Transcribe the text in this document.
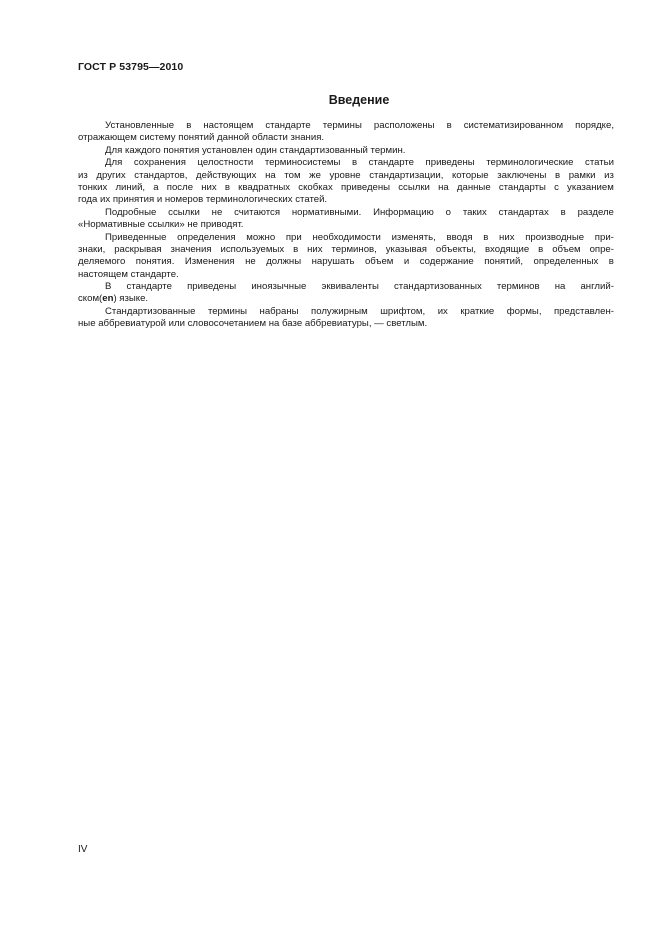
ГОСТ Р 53795—2010
Введение
Установленные в настоящем стандарте термины расположены в систематизированном порядке,
отражающем систему понятий данной области знания.
Для каждого понятия установлен один стандартизованный термин.
Для сохранения целостности терминосистемы в стандарте приведены терминологические статьи
из других стандартов, действующих на том же уровне стандартизации, которые заключены в рамки из
тонких линий, а после них в квадратных скобках приведены ссылки на данные стандарты с указанием
года их принятия и номеров терминологических статей.
Подробные ссылки не считаются нормативными. Информацию о таких стандартах в разделе
«Нормативные ссылки» не приводят.
Приведенные определения можно при необходимости изменять, вводя в них производные при-
знаки, раскрывая значения используемых в них терминов, указывая объекты, входящие в объем опре-
деляемого понятия. Изменения не должны нарушать объем и содержание понятий, определенных в
настоящем стандарте.
В стандарте приведены иноязычные эквиваленты стандартизованных терминов на англий-
ском(en) языке.
Стандартизованные термины набраны полужирным шрифтом, их краткие формы, представлен-
ные аббревиатурой или словосочетанием на базе аббревиатуры, — светлым.
IV
